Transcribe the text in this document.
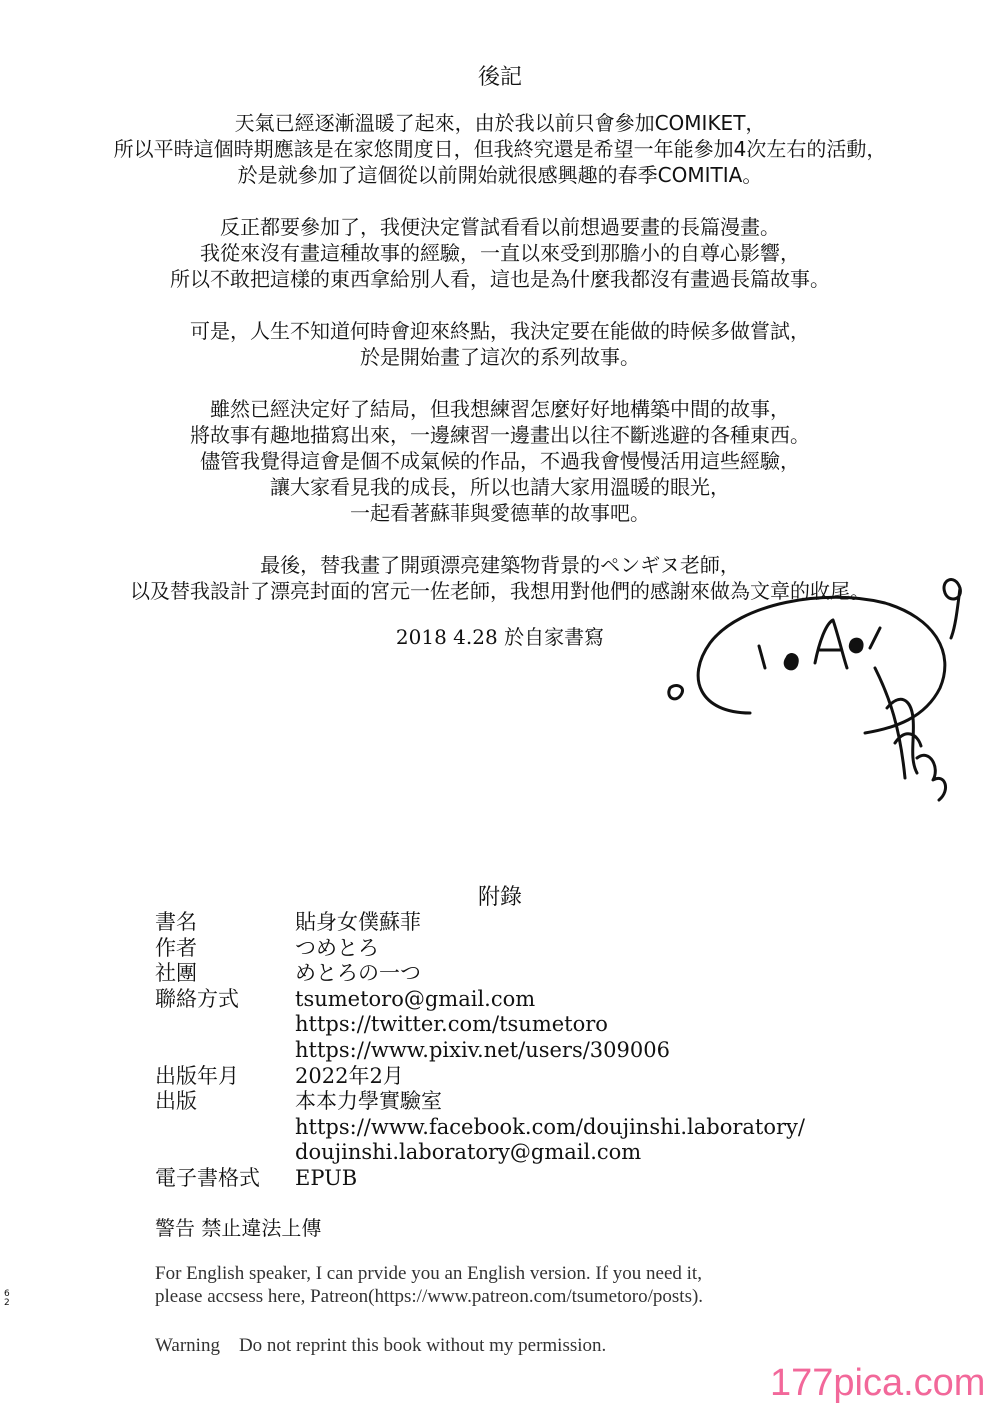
後記
天氣已經逐漸溫暖了起來，由於我以前只會參加COMIKET，
所以平時這個時期應該是在家悠閒度日，但我終究還是希望一年能參加4次左右的活動，
於是就參加了這個從以前開始就很感興趣的春季COMITIA。
反正都要參加了，我便決定嘗試看看以前想過要畫的長篇漫畫。
我從來沒有畫這種故事的經驗，一直以來受到那膽小的自尊心影響，
所以不敢把這樣的東西拿給別人看，這也是為什麼我都沒有畫過長篇故事。
可是，人生不知道何時會迎來終點，我決定要在能做的時候多做嘗試，
於是開始畫了這次的系列故事。
雖然已經決定好了結局，但我想練習怎麼好好地構築中間的故事，
將故事有趣地描寫出來，一邊練習一邊畫出以往不斷逃避的各種東西。
儘管我覺得這會是個不成氣候的作品，不過我會慢慢活用這些經驗，
讓大家看見我的成長，所以也請大家用溫暖的眼光，
一起看著蘇菲與愛德華的故事吧。
最後，替我畫了開頭漂亮建築物背景的ペンギヌ老師，
以及替我設計了漂亮封面的宮元一佐老師，我想用對他們的感謝來做為文章的收尾。
2018 4.28 於自家書寫
附錄
書名	貼身女僕蘇菲
作者	つめとろ
社團	めとろの一つ
聯絡方式	tsumetoro@gmail.com
https://twitter.com/tsumetoro
https://www.pixiv.net/users/309006
出版年月	2022年2月
出版	本本力學實驗室
https://www.facebook.com/doujinshi.laboratory/
doujinshi.laboratory@gmail.com
電子書格式	EPUB
警告 禁止違法上傳
For English speaker, I can prvide you an English version. If you need it,
please accsess here, Patreon(https://www.patreon.com/tsumetoro/posts).
Warning　Do not reprint this book without my permission.
62
177pica.com
